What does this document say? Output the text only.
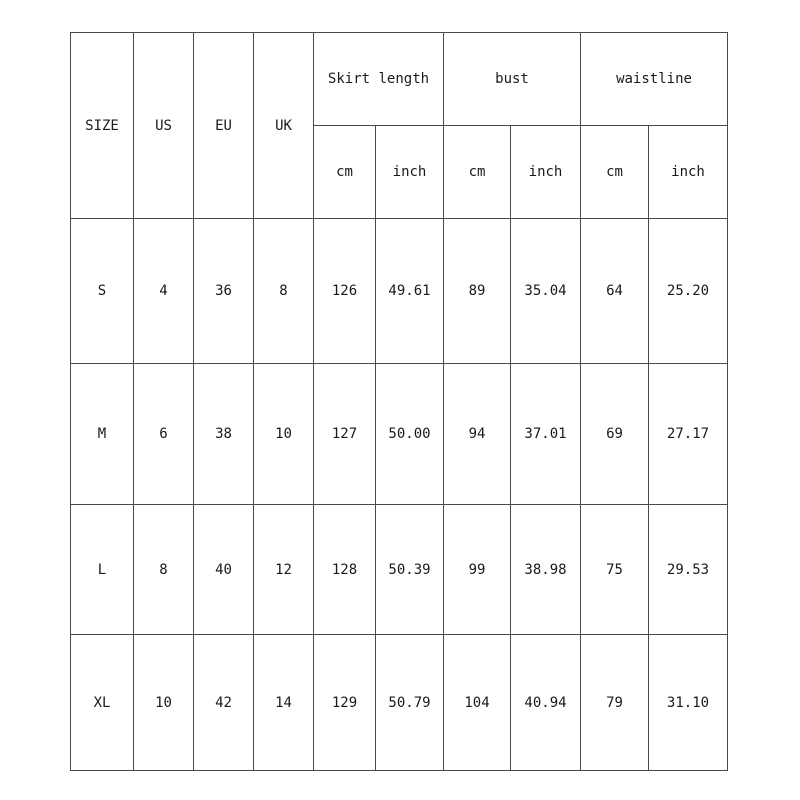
SIZE	US	EU	UK	Skirt length		bust		waistline	
				cm	inch	cm	inch	cm	inch
S	4	36	8	126	49.61	89	35.04	64	25.20
M	6	38	10	127	50.00	94	37.01	69	27.17
L	8	40	12	128	50.39	99	38.98	75	29.53
XL	10	42	14	129	50.79	104	40.94	79	31.10
